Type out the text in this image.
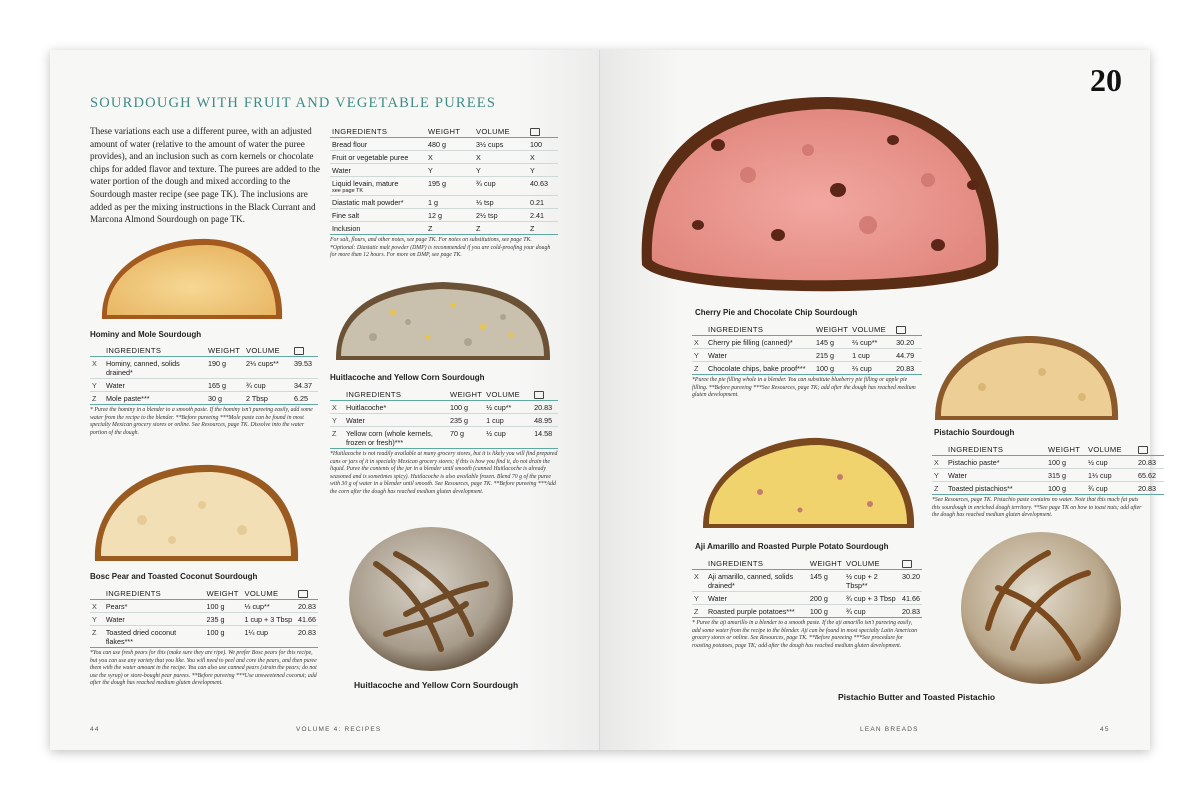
SOURDOUGH WITH FRUIT AND VEGETABLE PUREES
These variations each use a different puree, with an adjusted amount of water (relative to the amount of water the puree provides), and an inclusion such as corn kernels or chocolate chips for added flavor and texture. The purees are added to the water portion of the dough and mixed according to the Sourdough master recipe (see page TK). The inclusions are added as per the mixing instructions in the Black Currant and Marcona Almond Sourdough on page TK.
INGREDIENTS	WEIGHT	VOLUME	
Bread flour	480 g	3½ cups	100
Fruit or vegetable puree	X	X	X
Water	Y	Y	Y
Liquid levain, mature
see page TK	195 g	¾ cup	40.63
Diastatic malt powder*	1 g	⅓ tsp	0.21
Fine salt	12 g	2½ tsp	2.41
Inclusion	Z	Z	Z
For salt, flours, and other notes, see page TK. For notes on substitutions, see page TK. *Optional: Diastatic malt powder (DMP) is recommended if you are cold-proofing your dough for more than 12 hours. For more on DMP, see page TK.
Hominy and Mole Sourdough
	INGREDIENTS	WEIGHT	VOLUME	
X	Hominy, canned, solids drained*	190 g	2⅓ cups**	39.53
Y	Water	165 g	¾ cup	34.37
Z	Mole paste***	30 g	2 Tbsp	6.25
* Puree the hominy in a blender to a smooth paste. If the hominy isn't pureeing easily, add some water from the recipe to the blender. **Before pureeing ***Mole paste can be found in most specialty Mexican grocery stores or online. See Resources, page TK. Dissolve into the water portion of the dough.
Huitlacoche and Yellow Corn Sourdough
	INGREDIENTS	WEIGHT	VOLUME	
X	Huitlacoche*	100 g	½ cup**	20.83
Y	Water	235 g	1 cup	48.95
Z	Yellow corn (whole kernels, frozen or fresh)***	70 g	½ cup	14.58
*Huitlacoche is not readily available at many grocery stores, but it is likely you will find prepared cans or jars of it in specialty Mexican grocery stores; if this is how you find it, do not drain the liquid. Puree the contents of the jar in a blender until smooth (canned Huitlacoche is already seasoned and is sometimes spicy). Huitlacoche is also available frozen. Blend 70 g of the puree with 30 g of water in a blender until smooth. See Resources, page TK. **Before pureeing ***Add the corn after the dough has reached medium gluten development.
Bosc Pear and Toasted Coconut Sourdough
	INGREDIENTS	WEIGHT	VOLUME	
X	Pears*	100 g	⅓ cup**	20.83
Y	Water	235 g	1 cup + 3 Tbsp	41.66
Z	Toasted dried coconut flakes***	100 g	1¼ cup	20.83
*You can use fresh pears for this (make sure they are ripe). We prefer Bosc pears for this recipe, but you can use any variety that you like. You will need to peel and core the pears, and then puree them with the water amount in the recipe. You can also use canned pears (strain the pears; do not use the syrup) or store-bought pear purees. **Before pureeing ***Use unsweetened coconut; add after the dough has reached medium gluten development.	Huitlacoche and Yellow Corn Sourdough
44	VOLUME 4: RECIPES
20
Cherry Pie and Chocolate Chip Sourdough
	INGREDIENTS	WEIGHT	VOLUME	
X	Cherry pie filling (canned)*	145 g	⅔ cup**	30.20
Y	Water	215 g	1 cup	44.79
Z	Chocolate chips, bake proof***	100 g	⅔ cup	20.83
*Puree the pie filling whole in a blender. You can substitute blueberry pie filling or apple pie filling. **Before pureeing ***See Resources, page TK; add after the dough has reached medium gluten development.
Pistachio Sourdough
	INGREDIENTS	WEIGHT	VOLUME	
X	Pistachio paste*	100 g	½ cup	20.83
Y	Water	315 g	1⅓ cup	65.62
Z	Toasted pistachios**	100 g	¾ cup	20.83
*See Resources, page TK. Pistachio paste contains no water. Note that this much fat puts this sourdough in enriched dough territory. **See page TK on how to toast nuts; add after the dough has reached medium gluten development.
Aji Amarillo and Roasted Purple Potato Sourdough
	INGREDIENTS	WEIGHT	VOLUME	
X	Aji amarillo, canned, solids drained*	145 g	½ cup + 2 Tbsp**	30.20
Y	Water	200 g	¾ cup + 3 Tbsp	41.66
Z	Roasted purple potatoes***	100 g	¾ cup	20.83
* Puree the aji amarillo in a blender to a smooth paste. If the aji amarillo isn't pureeing easily, add some water from the recipe to the blender. Aji can be found in most specialty Latin American grocery stores or online. See Resources, page TK. **Before pureeing ***See procedure for roasting potatoes, page TK; add after the dough has reached medium gluten development.
Pistachio Butter and Toasted Pistachio
LEAN BREADS	45
